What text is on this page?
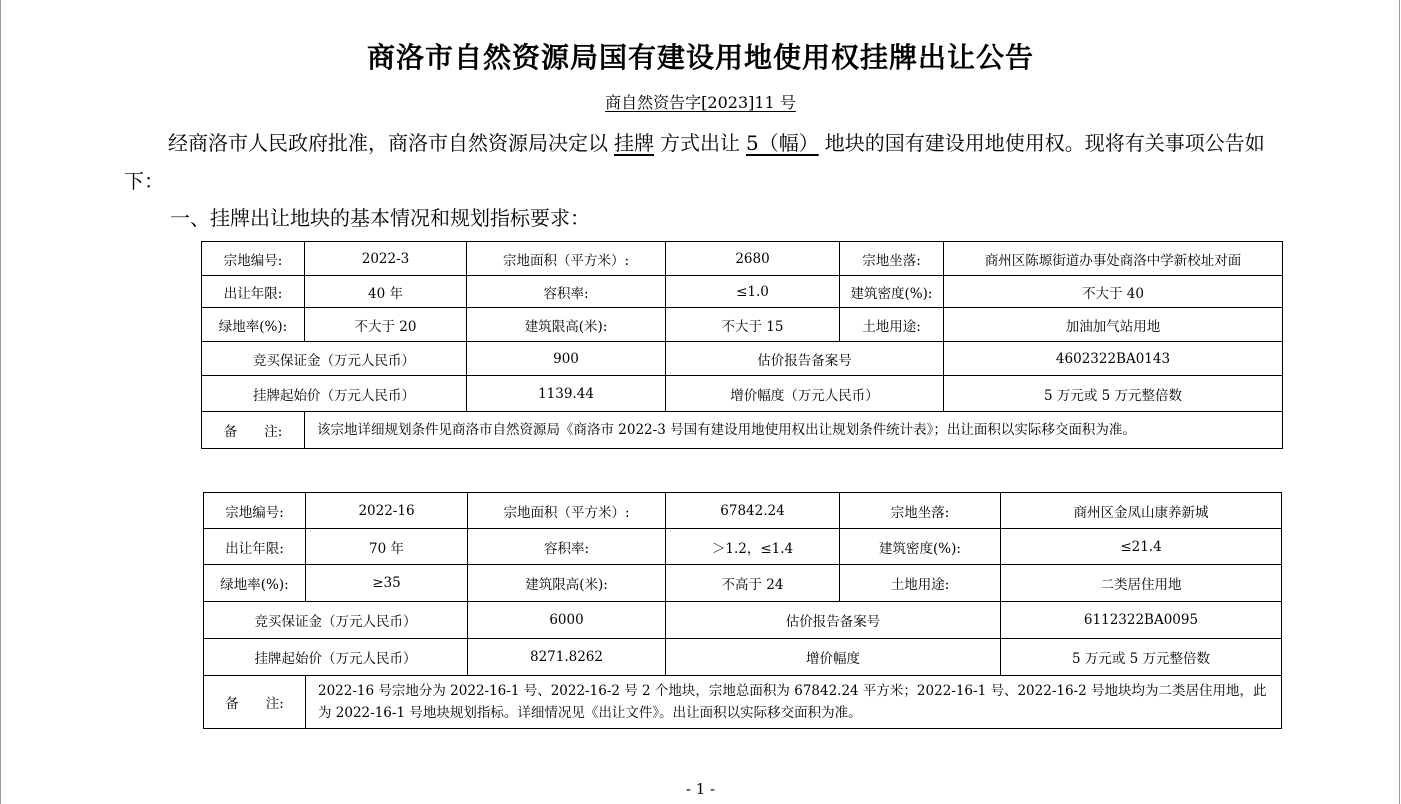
商洛市自然资源局国有建设用地使用权挂牌出让公告
商自然资告字[2023]11 号
经商洛市人民政府批准，商洛市自然资源局决定以 挂牌 方式出让 5（幅） 地块的国有建设用地使用权。现将有关事项公告如下：
一、挂牌出让地块的基本情况和规划指标要求：
宗地编号:	2022-3	宗地面积（平方米）:	2680	宗地坐落:	商州区陈塬街道办事处商洛中学新校址对面
出让年限:	40 年	容积率:	≤1.0	建筑密度(%):	不大于 40
绿地率(%):	不大于 20	建筑限高(米):	不大于 15	土地用途:	加油加气站用地
竞买保证金（万元人民币）		900	估价报告备案号		4602322BA0143
挂牌起始价（万元人民币）		1139.44	增价幅度（万元人民币）		5 万元或 5 万元整倍数
备　　注:	该宗地详细规划条件见商洛市自然资源局《商洛市 2022-3 号国有建设用地使用权出让规划条件统计表》；出让面积以实际移交面积为准。				
宗地编号:	2022-16	宗地面积（平方米）:	67842.24	宗地坐落:	商州区金凤山康养新城
出让年限:	70 年	容积率:	＞1.2，≤1.4	建筑密度(%):	≤21.4
绿地率(%):	≥35	建筑限高(米):	不高于 24	土地用途:	二类居住用地
竞买保证金（万元人民币）		6000	估价报告备案号		6112322BA0095
挂牌起始价（万元人民币）		8271.8262	增价幅度		5 万元或 5 万元整倍数
备　　注:	2022-16 号宗地分为 2022-16-1 号、2022-16-2 号 2 个地块，宗地总面积为 67842.24 平方米；2022-16-1 号、2022-16-2 号地块均为二类居住用地，此为 2022-16-1 号地块规划指标。详细情况见《出让文件》。出让面积以实际移交面积为准。				
- 1 -
